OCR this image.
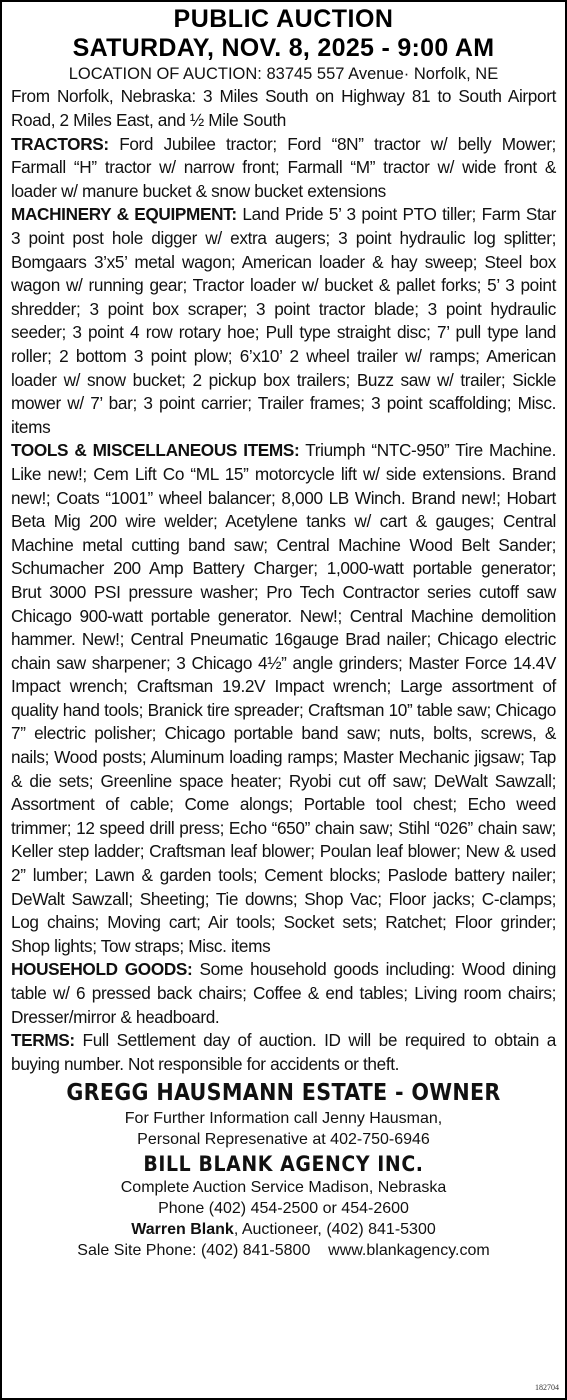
PUBLIC AUCTION
SATURDAY, NOV. 8, 2025 - 9:00 AM
LOCATION OF AUCTION: 83745 557 Avenue· Norfolk, NE

From Norfolk, Nebraska: 3 Miles South on Highway 81 to South Airport Road, 2 Miles East, and ½ Mile South

TRACTORS: Ford Jubilee tractor; Ford “8N” tractor w/ belly Mower; Farmall “H” tractor w/ narrow front; Farmall “M” tractor w/ wide front & loader w/ manure bucket & snow bucket extensions

MACHINERY & EQUIPMENT: Land Pride 5’ 3 point PTO tiller; Farm Star 3 point post hole digger w/ extra augers; 3 point hydraulic log splitter; Bomgaars 3’x5’ metal wagon; American loader & hay sweep; Steel box wagon w/ running gear; Tractor loader w/ bucket & pallet forks; 5’ 3 point shredder; 3 point box scraper; 3 point tractor blade; 3 point hydraulic seeder; 3 point 4 row rotary hoe; Pull type straight disc; 7’ pull type land roller; 2 bottom 3 point plow; 6’x10’ 2 wheel trailer w/ ramps; American loader w/ snow bucket; 2 pickup box trailers; Buzz saw w/ trailer; Sickle mower w/ 7’ bar; 3 point carrier; Trailer frames; 3 point scaffolding; Misc. items

TOOLS & MISCELLANEOUS ITEMS: Triumph “NTC-950” Tire Machine. Like new!; Cem Lift Co “ML 15” motorcycle lift w/ side extensions. Brand new!; Coats “1001” wheel balancer; 8,000 LB Winch. Brand new!; Hobart Beta Mig 200 wire welder; Acetylene tanks w/ cart & gauges; Central Machine metal cutting band saw; Central Machine Wood Belt Sander; Schumacher 200 Amp Battery Charger; 1,000-watt portable generator; Brut 3000 PSI pressure washer; Pro Tech Contractor series cutoff saw Chicago 900-watt portable generator. New!; Central Machine demolition hammer. New!; Central Pneumatic 16gauge Brad nailer; Chicago electric chain saw sharpener; 3 Chicago 4½” angle grinders; Master Force 14.4V Impact wrench; Craftsman 19.2V Impact wrench; Large assortment of quality hand tools; Branick tire spreader; Craftsman 10” table saw; Chicago 7” electric polisher; Chicago portable band saw; nuts, bolts, screws, & nails; Wood posts; Aluminum loading ramps; Master Mechanic jigsaw; Tap & die sets; Greenline space heater; Ryobi cut off saw; DeWalt Sawzall; Assortment of cable; Come alongs; Portable tool chest; Echo weed trimmer; 12 speed drill press; Echo “650” chain saw; Stihl “026” chain saw; Keller step ladder; Craftsman leaf blower; Poulan leaf blower; New & used 2” lumber; Lawn & garden tools; Cement blocks; Paslode battery nailer; DeWalt Sawzall; Sheeting; Tie downs; Shop Vac; Floor jacks; C-clamps; Log chains; Moving cart; Air tools; Socket sets; Ratchet; Floor grinder; Shop lights; Tow straps; Misc. items

HOUSEHOLD GOODS: Some household goods including: Wood dining table w/ 6 pressed back chairs; Coffee & end tables; Living room chairs; Dresser/mirror & headboard.

TERMS: Full Settlement day of auction. ID will be required to obtain a buying number. Not responsible for accidents or theft.

GREGG HAUSMANN ESTATE - OWNER
For Further Information call Jenny Hausman,
Personal Represenative at 402-750-6946
BILL BLANK AGENCY INC.
Complete Auction Service Madison, Nebraska
Phone (402) 454-2500 or 454-2600
Warren Blank, Auctioneer, (402) 841-5300
Sale Site Phone: (402) 841-5800    www.blankagency.com
182704
